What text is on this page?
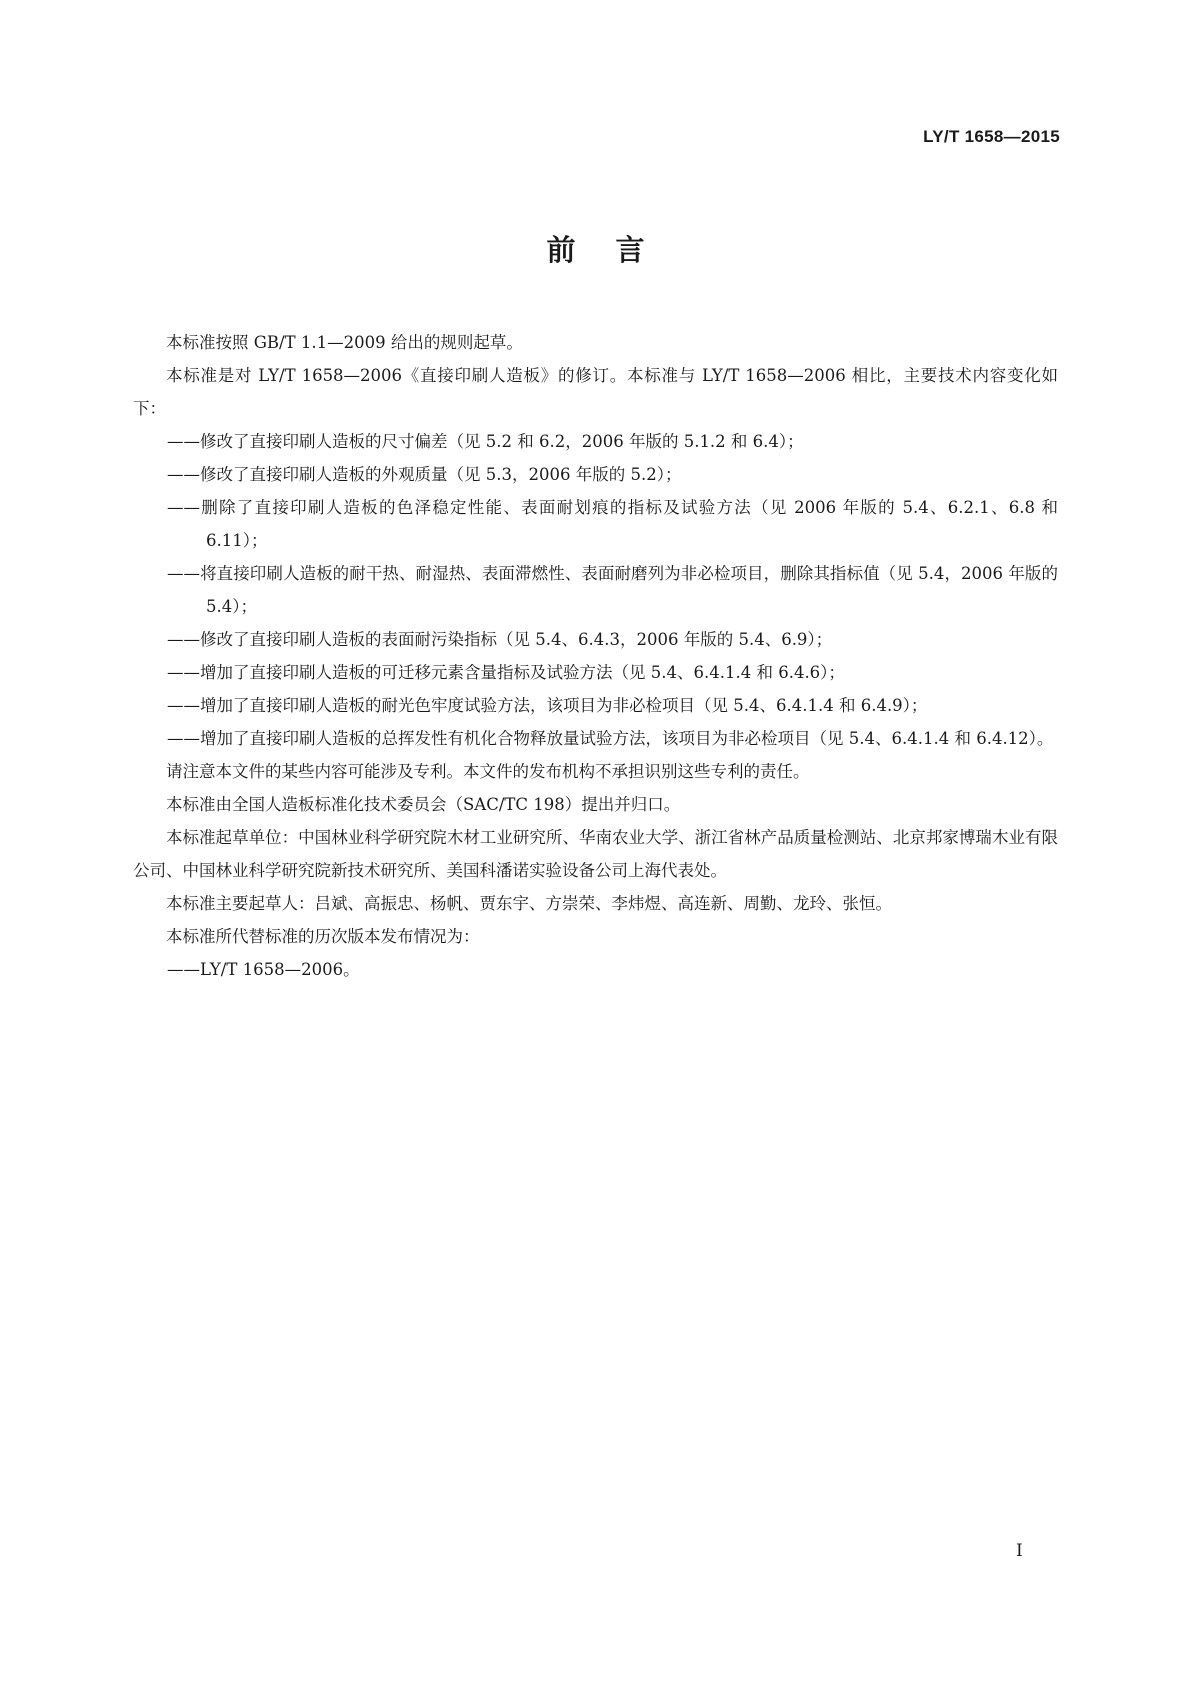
LY/T 1658—2015
前言

本标准按照 GB/T 1.1—2009 给出的规则起草。

本标准是对 LY/T 1658—2006《直接印刷人造板》的修订。本标准与 LY/T 1658—2006 相比，主要技术内容变化如下：

——修改了直接印刷人造板的尺寸偏差（见 5.2 和 6.2，2006 年版的 5.1.2 和 6.4）；

——修改了直接印刷人造板的外观质量（见 5.3，2006 年版的 5.2）；

——删除了直接印刷人造板的色泽稳定性能、表面耐划痕的指标及试验方法（见 2006 年版的 5.4、6.2.1、6.8 和 6.11）；

——将直接印刷人造板的耐干热、耐湿热、表面滞燃性、表面耐磨列为非必检项目，删除其指标值（见 5.4，2006 年版的 5.4）；

——修改了直接印刷人造板的表面耐污染指标（见 5.4、6.4.3，2006 年版的 5.4、6.9）；

——增加了直接印刷人造板的可迁移元素含量指标及试验方法（见 5.4、6.4.1.4 和 6.4.6）；

——增加了直接印刷人造板的耐光色牢度试验方法，该项目为非必检项目（见 5.4、6.4.1.4 和 6.4.9）；

——增加了直接印刷人造板的总挥发性有机化合物释放量试验方法，该项目为非必检项目（见 5.4、6.4.1.4 和 6.4.12）。

请注意本文件的某些内容可能涉及专利。本文件的发布机构不承担识别这些专利的责任。

本标准由全国人造板标准化技术委员会（SAC/TC 198）提出并归口。

本标准起草单位：中国林业科学研究院木材工业研究所、华南农业大学、浙江省林产品质量检测站、北京邦家博瑞木业有限公司、中国林业科学研究院新技术研究所、美国科潘诺实验设备公司上海代表处。

本标准主要起草人：吕斌、高振忠、杨帆、贾东宇、方崇荣、李炜煜、高连新、周勤、龙玲、张恒。

本标准所代替标准的历次版本发布情况为：

——LY/T 1658—2006。

I
